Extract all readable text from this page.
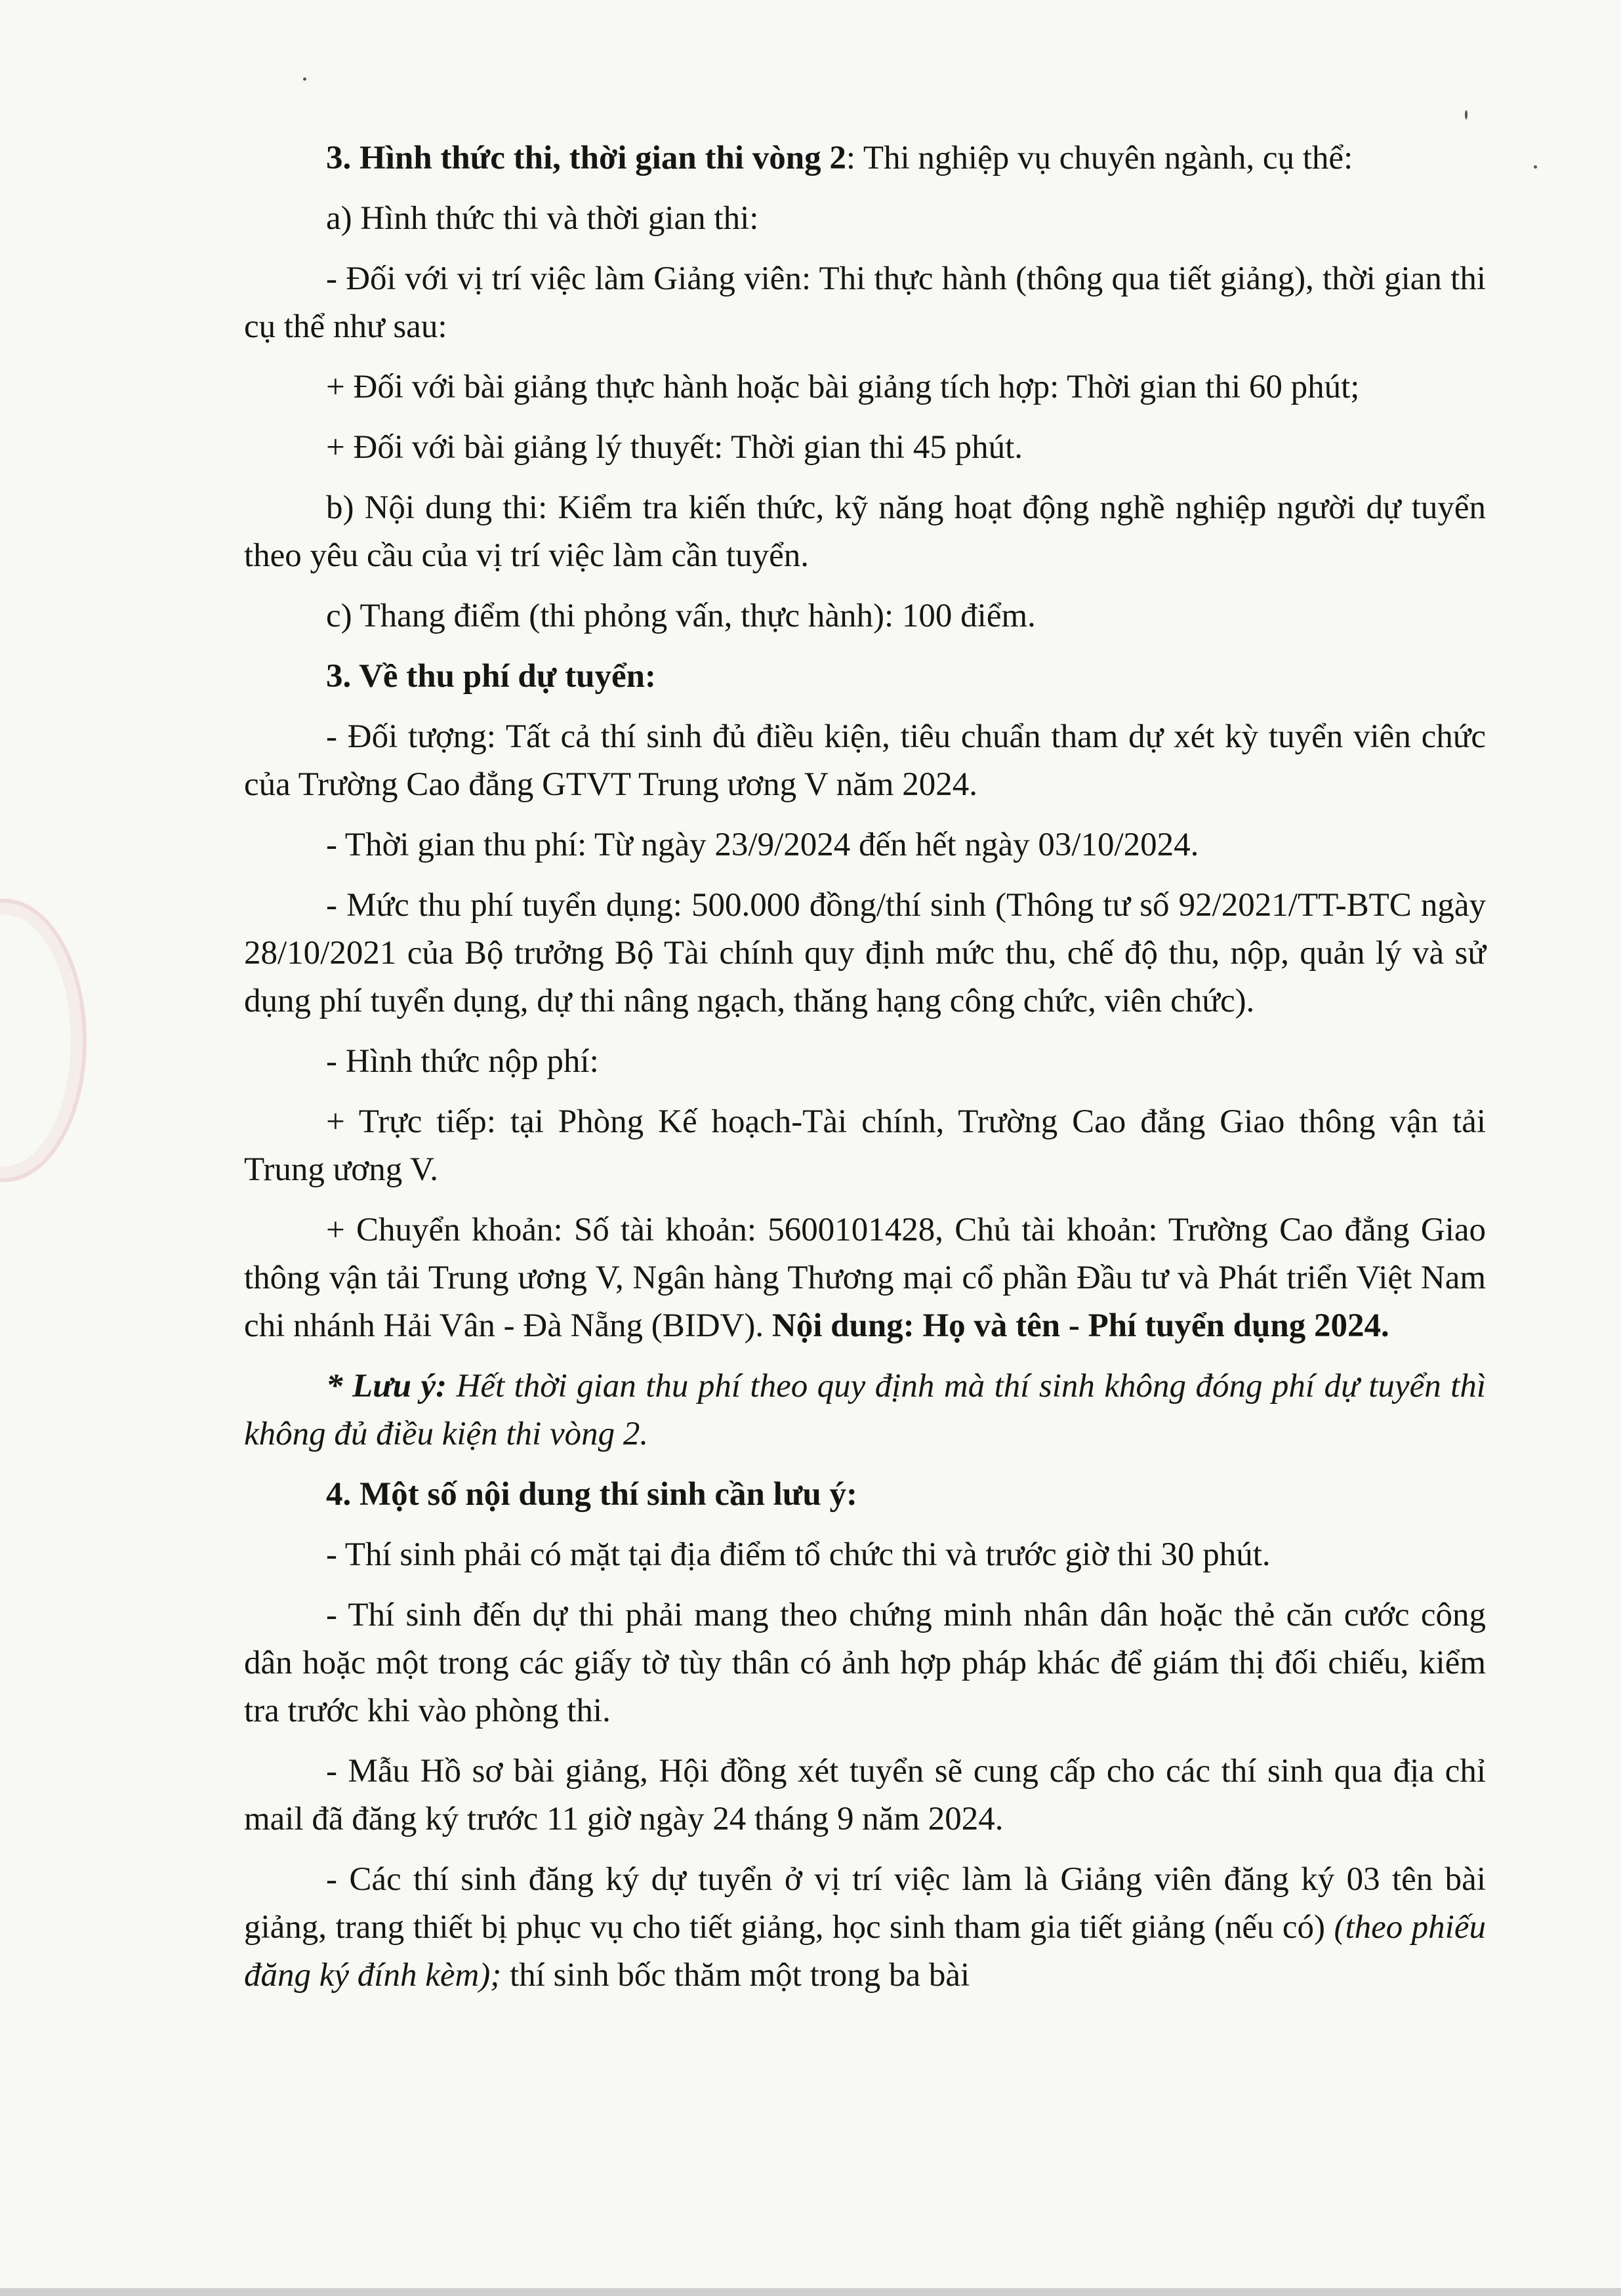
3. Hình thức thi, thời gian thi vòng 2: Thi nghiệp vụ chuyên ngành, cụ thể:

a) Hình thức thi và thời gian thi:

- Đối với vị trí việc làm Giảng viên: Thi thực hành (thông qua tiết giảng), thời gian thi cụ thể như sau:

+ Đối với bài giảng thực hành hoặc bài giảng tích hợp: Thời gian thi 60 phút;

+ Đối với bài giảng lý thuyết: Thời gian thi 45 phút.

b) Nội dung thi: Kiểm tra kiến thức, kỹ năng hoạt động nghề nghiệp người dự tuyển theo yêu cầu của vị trí việc làm cần tuyển.

c) Thang điểm (thi phỏng vấn, thực hành): 100 điểm.

3. Về thu phí dự tuyển:

- Đối tượng: Tất cả thí sinh đủ điều kiện, tiêu chuẩn tham dự xét kỳ tuyển viên chức của Trường Cao đẳng GTVT Trung ương V năm 2024.

- Thời gian thu phí: Từ ngày 23/9/2024 đến hết ngày 03/10/2024.

- Mức thu phí tuyển dụng: 500.000 đồng/thí sinh (Thông tư số 92/2021/TT-BTC ngày 28/10/2021 của Bộ trưởng Bộ Tài chính quy định mức thu, chế độ thu, nộp, quản lý và sử dụng phí tuyển dụng, dự thi nâng ngạch, thăng hạng công chức, viên chức).

- Hình thức nộp phí:

+ Trực tiếp: tại Phòng Kế hoạch-Tài chính, Trường Cao đẳng Giao thông vận tải Trung ương V.

+ Chuyển khoản: Số tài khoản: 5600101428, Chủ tài khoản: Trường Cao đẳng Giao thông vận tải Trung ương V, Ngân hàng Thương mại cổ phần Đầu tư và Phát triển Việt Nam chi nhánh Hải Vân - Đà Nẵng (BIDV). Nội dung: Họ và tên - Phí tuyển dụng 2024.

* Lưu ý: Hết thời gian thu phí theo quy định mà thí sinh không đóng phí dự tuyển thì không đủ điều kiện thi vòng 2.

4. Một số nội dung thí sinh cần lưu ý:

- Thí sinh phải có mặt tại địa điểm tổ chức thi và trước giờ thi 30 phút.

- Thí sinh đến dự thi phải mang theo chứng minh nhân dân hoặc thẻ căn cước công dân hoặc một trong các giấy tờ tùy thân có ảnh hợp pháp khác để giám thị đối chiếu, kiểm tra trước khi vào phòng thi.

- Mẫu Hồ sơ bài giảng, Hội đồng xét tuyển sẽ cung cấp cho các thí sinh qua địa chỉ mail đã đăng ký trước 11 giờ ngày 24 tháng 9 năm 2024.

- Các thí sinh đăng ký dự tuyển ở vị trí việc làm là Giảng viên đăng ký 03 tên bài giảng, trang thiết bị phục vụ cho tiết giảng, học sinh tham gia tiết giảng (nếu có) (theo phiếu đăng ký đính kèm); thí sinh bốc thăm một trong ba bài
